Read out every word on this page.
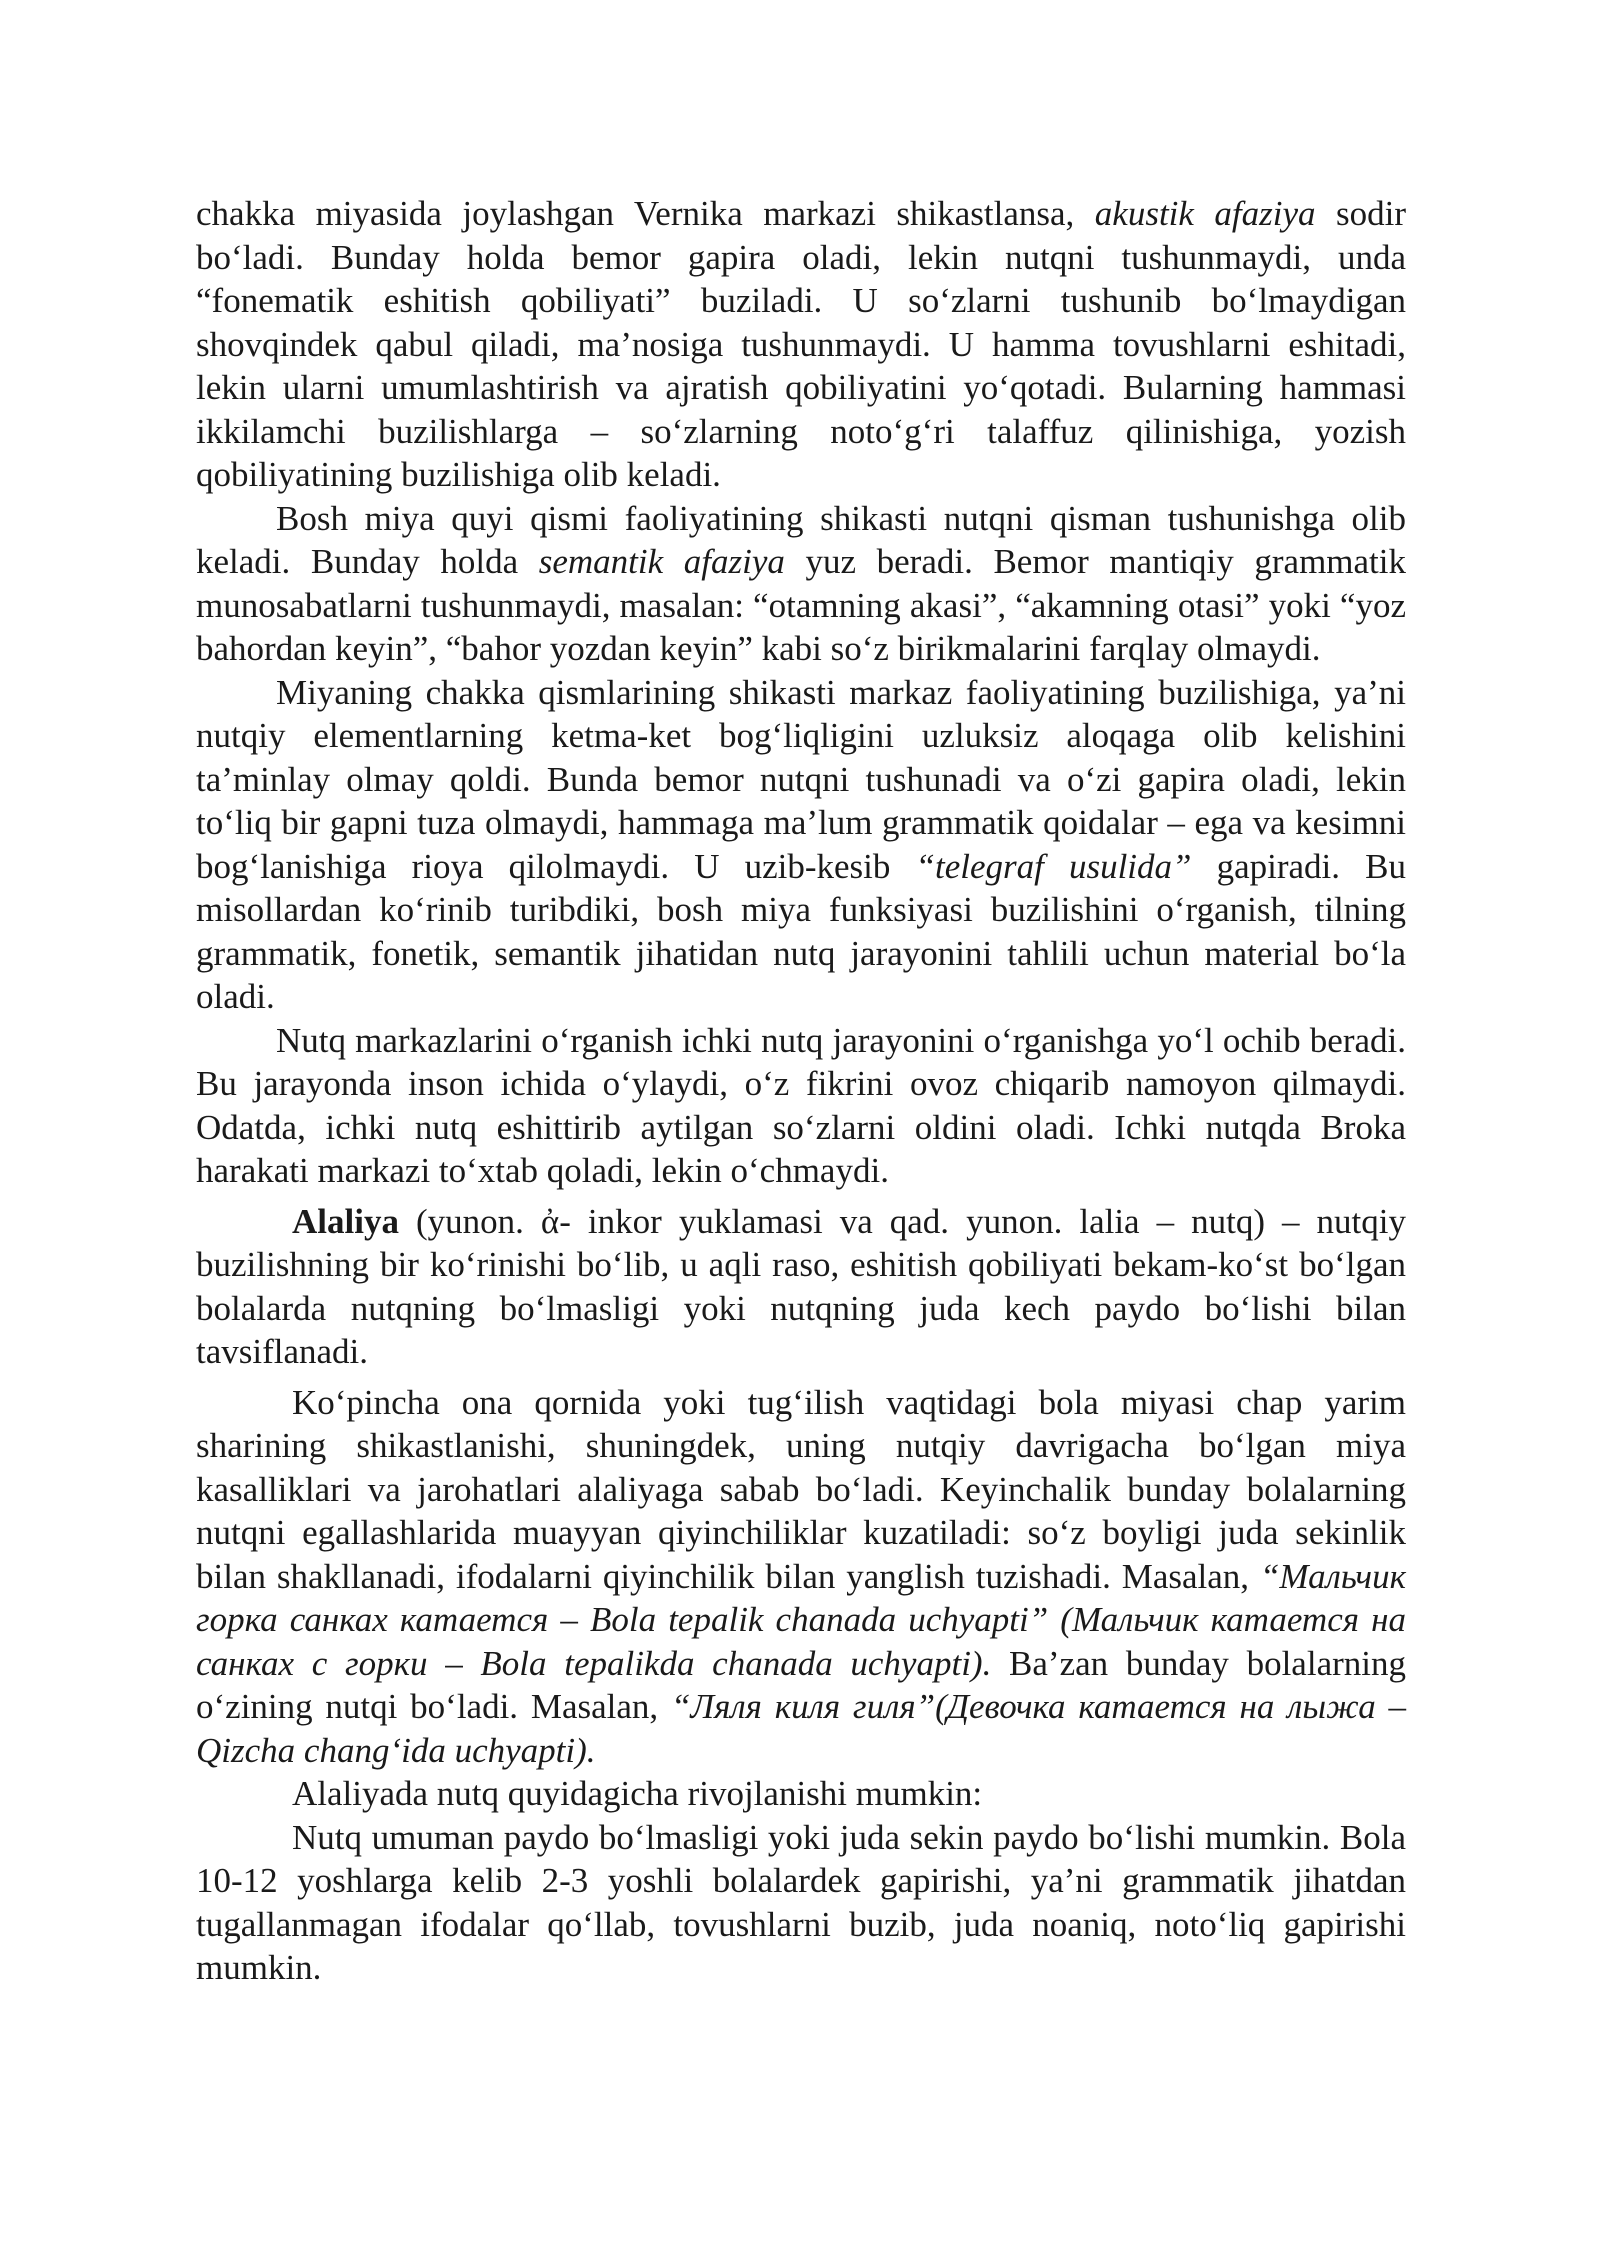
chakka miyasida joylashgan Vernika markazi shikastlansa, akustik afaziya sodir bo‘ladi. Bunday holda bemor gapira oladi, lekin nutqni tushunmaydi, unda “fonematik eshitish qobiliyati” buziladi. U so‘zlarni tushunib bo‘lmaydigan shovqindek qabul qiladi, ma’nosiga tushunmaydi. U hamma tovushlarni eshitadi, lekin ularni umumlashtirish va ajratish qobiliyatini yo‘qotadi. Bularning hammasi ikkilamchi buzilishlarga – so‘zlarning noto‘g‘ri talaffuz qilinishiga, yozish qobiliyatining buzilishiga olib keladi.

Bosh miya quyi qismi faoliyatining shikasti nutqni qisman tushunishga olib keladi. Bunday holda semantik afaziya yuz beradi. Bemor mantiqiy grammatik munosabatlarni tushunmaydi, masalan: “otamning akasi”, “akamning otasi” yoki “yoz bahordan keyin”, “bahor yozdan keyin” kabi so‘z birikmalarini farqlay olmaydi.

Miyaning chakka qismlarining shikasti markaz faoliyatining buzilishiga, ya’ni nutqiy elementlarning ketma-ket bog‘liqligini uzluksiz aloqaga olib kelishini ta’minlay olmay qoldi. Bunda bemor nutqni tushunadi va o‘zi gapira oladi, lekin to‘liq bir gapni tuza olmaydi, hammaga ma’lum grammatik qoidalar – ega va kesimni bog‘lanishiga rioya qilolmaydi. U uzib-kesib “telegraf usulida” gapiradi. Bu misollardan ko‘rinib turibdiki, bosh miya funksiyasi buzilishini o‘rganish, tilning grammatik, fonetik, semantik jihatidan nutq jarayonini tahlili uchun material bo‘la oladi.

Nutq markazlarini o‘rganish ichki nutq jarayonini o‘rganishga yo‘l ochib beradi. Bu jarayonda inson ichida o‘ylaydi, o‘z fikrini ovoz chiqarib namoyon qilmaydi. Odatda, ichki nutq eshittirib aytilgan so‘zlarni oldini oladi. Ichki nutqda Broka harakati markazi to‘xtab qoladi, lekin o‘chmaydi.

Alaliya (yunon. ἀ- inkor yuklamasi va qad. yunon. lalia – nutq) – nutqiy buzilishning bir ko‘rinishi bo‘lib, u aqli raso, eshitish qobiliyati bekam-ko‘st bo‘lgan bolalarda nutqning bo‘lmasligi yoki nutqning juda kech paydo bo‘lishi bilan tavsiflanadi.

Ko‘pincha ona qornida yoki tug‘ilish vaqtidagi bola miyasi chap yarim sharining shikastlanishi, shuningdek, uning nutqiy davrigacha bo‘lgan miya kasalliklari va jarohatlari alaliyaga sabab bo‘ladi. Keyinchalik bunday bolalarning nutqni egallashlarida muayyan qiyinchiliklar kuzatiladi: so‘z boyligi juda sekinlik bilan shakllanadi, ifodalarni qiyinchilik bilan yanglish tuzishadi. Masalan, “Мальчик горка санках катается – Bola tepalik chanada uchyapti” (Мальчик катается на санках с горки – Bola tepalikda chanada uchyapti). Ba’zan bunday bolalarning o‘zining nutqi bo‘ladi. Masalan, “Ляля киля гиля”(Девочка катается на лыжа – Qizcha chang‘ida uchyapti).

Alaliyada nutq quyidagicha rivojlanishi mumkin:

Nutq umuman paydo bo‘lmasligi yoki juda sekin paydo bo‘lishi mumkin. Bola 10-12 yoshlarga kelib 2-3 yoshli bolalardek gapirishi, ya’ni grammatik jihatdan tugallanmagan ifodalar qo‘llab, tovushlarni buzib, juda noaniq, noto‘liq gapirishi mumkin.
